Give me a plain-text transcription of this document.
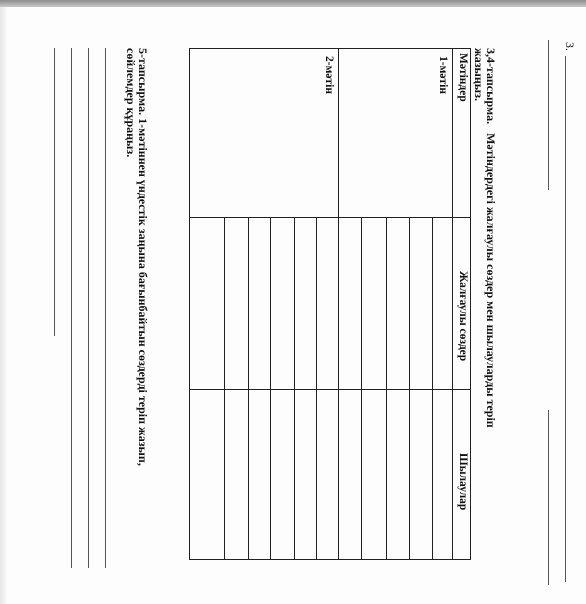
3.
3,4-тапсырма.   Мәтіндердегі жалғаулы сөздер мен шылауларды теріп
жазыңыз.
Мәтіндер
Жалғаулы сөздер
Шылаулар
1-мәтін
2-мәтін
5-тапсырма. 1-мәтіннен үндестік заңына бағынбайтын сөздерді теріп жазып,
сөйлемдер құраңыз.
